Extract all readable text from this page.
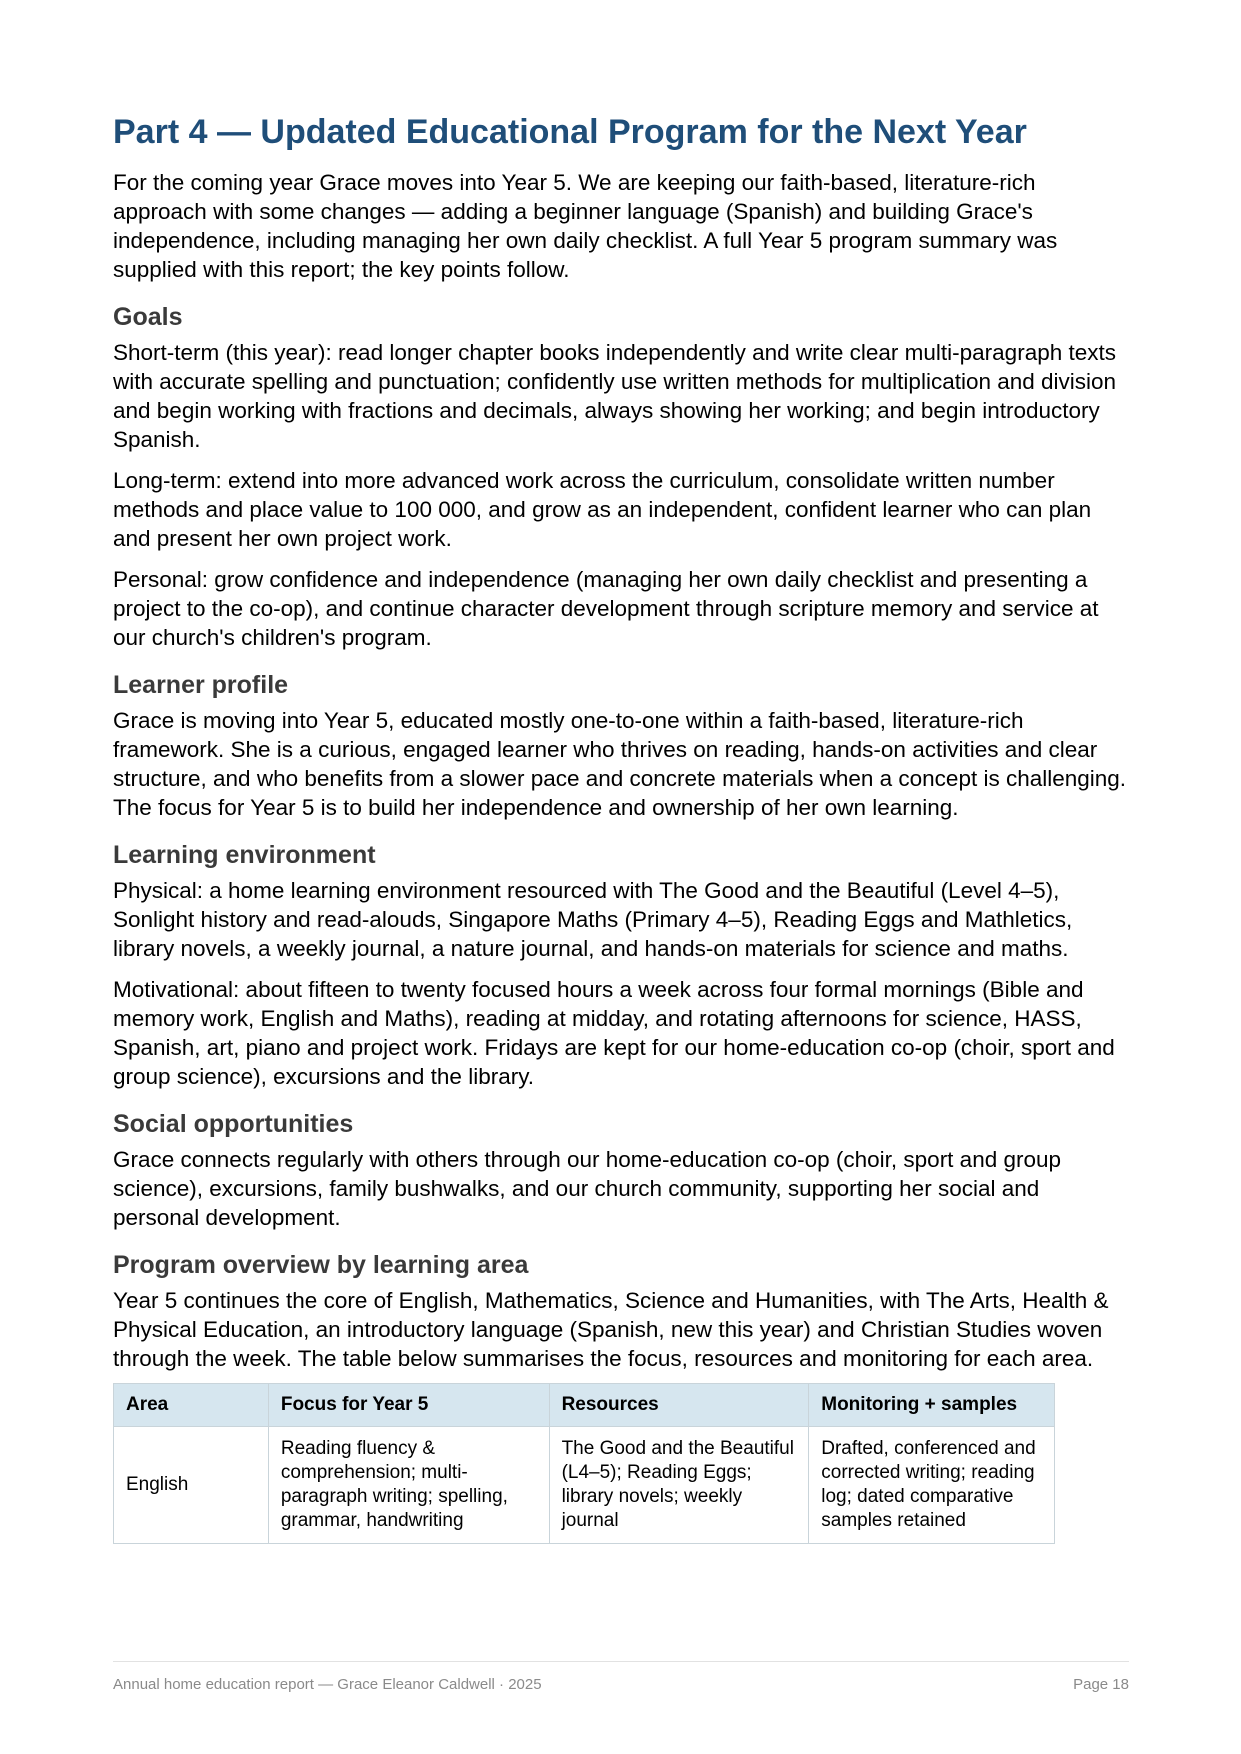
Part 4 — Updated Educational Program for the Next Year

For the coming year Grace moves into Year 5. We are keeping our faith-based, literature-rich approach with some changes — adding a beginner language (Spanish) and building Grace's independence, including managing her own daily checklist. A full Year 5 program summary was supplied with this report; the key points follow.

Goals

Short-term (this year): read longer chapter books independently and write clear multi-paragraph texts with accurate spelling and punctuation; confidently use written methods for multiplication and division and begin working with fractions and decimals, always showing her working; and begin introductory Spanish.

Long-term: extend into more advanced work across the curriculum, consolidate written number methods and place value to 100 000, and grow as an independent, confident learner who can plan and present her own project work.

Personal: grow confidence and independence (managing her own daily checklist and presenting a project to the co-op), and continue character development through scripture memory and service at our church's children's program.

Learner profile

Grace is moving into Year 5, educated mostly one-to-one within a faith-based, literature-rich framework. She is a curious, engaged learner who thrives on reading, hands-on activities and clear structure, and who benefits from a slower pace and concrete materials when a concept is challenging. The focus for Year 5 is to build her independence and ownership of her own learning.

Learning environment

Physical: a home learning environment resourced with The Good and the Beautiful (Level 4–5), Sonlight history and read-alouds, Singapore Maths (Primary 4–5), Reading Eggs and Mathletics, library novels, a weekly journal, a nature journal, and hands-on materials for science and maths.

Motivational: about fifteen to twenty focused hours a week across four formal mornings (Bible and memory work, English and Maths), reading at midday, and rotating afternoons for science, HASS, Spanish, art, piano and project work. Fridays are kept for our home-education co-op (choir, sport and group science), excursions and the library.

Social opportunities

Grace connects regularly with others through our home-education co-op (choir, sport and group science), excursions, family bushwalks, and our church community, supporting her social and personal development.

Program overview by learning area

Year 5 continues the core of English, Mathematics, Science and Humanities, with The Arts, Health & Physical Education, an introductory language (Spanish, new this year) and Christian Studies woven through the week. The table below summarises the focus, resources and monitoring for each area.

Area	Focus for Year 5	Resources	Monitoring + samples
English	Reading fluency & comprehension; multi-paragraph writing; spelling, grammar, handwriting	The Good and the Beautiful (L4–5); Reading Eggs; library novels; weekly journal	Drafted, conferenced and corrected writing; reading log; dated comparative samples retained
Annual home education report — Grace Eleanor Caldwell · 2025	Page 18
